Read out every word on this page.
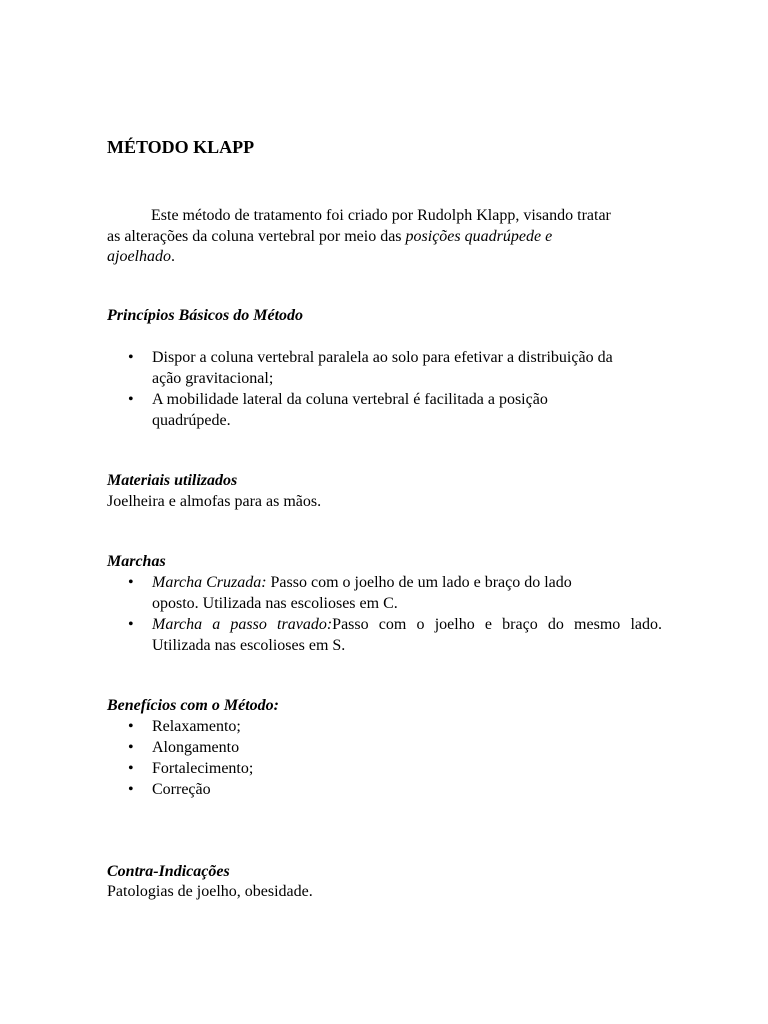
MÉTODO KLAPP
Este método de tratamento foi criado por Rudolph Klapp, visando tratar
as alterações da coluna vertebral por meio das posições quadrúpede e
ajoelhado.
Princípios Básicos do Método
• Dispor a coluna vertebral paralela ao solo para efetivar a distribuição da
ação gravitacional;
• A mobilidade lateral da coluna vertebral é facilitada a posição
quadrúpede.
Materiais utilizados
Joelheira e almofas para as mãos.
Marchas
• Marcha Cruzada: Passo com o joelho de um lado e braço do lado
oposto. Utilizada nas escolioses em C.
• Marcha a passo travado:Passo com o joelho e braço do mesmo lado.
Utilizada nas escolioses em S.
Benefícios com o Método:
• Relaxamento;
• Alongamento
• Fortalecimento;
• Correção
Contra-Indicações
Patologias de joelho, obesidade.
